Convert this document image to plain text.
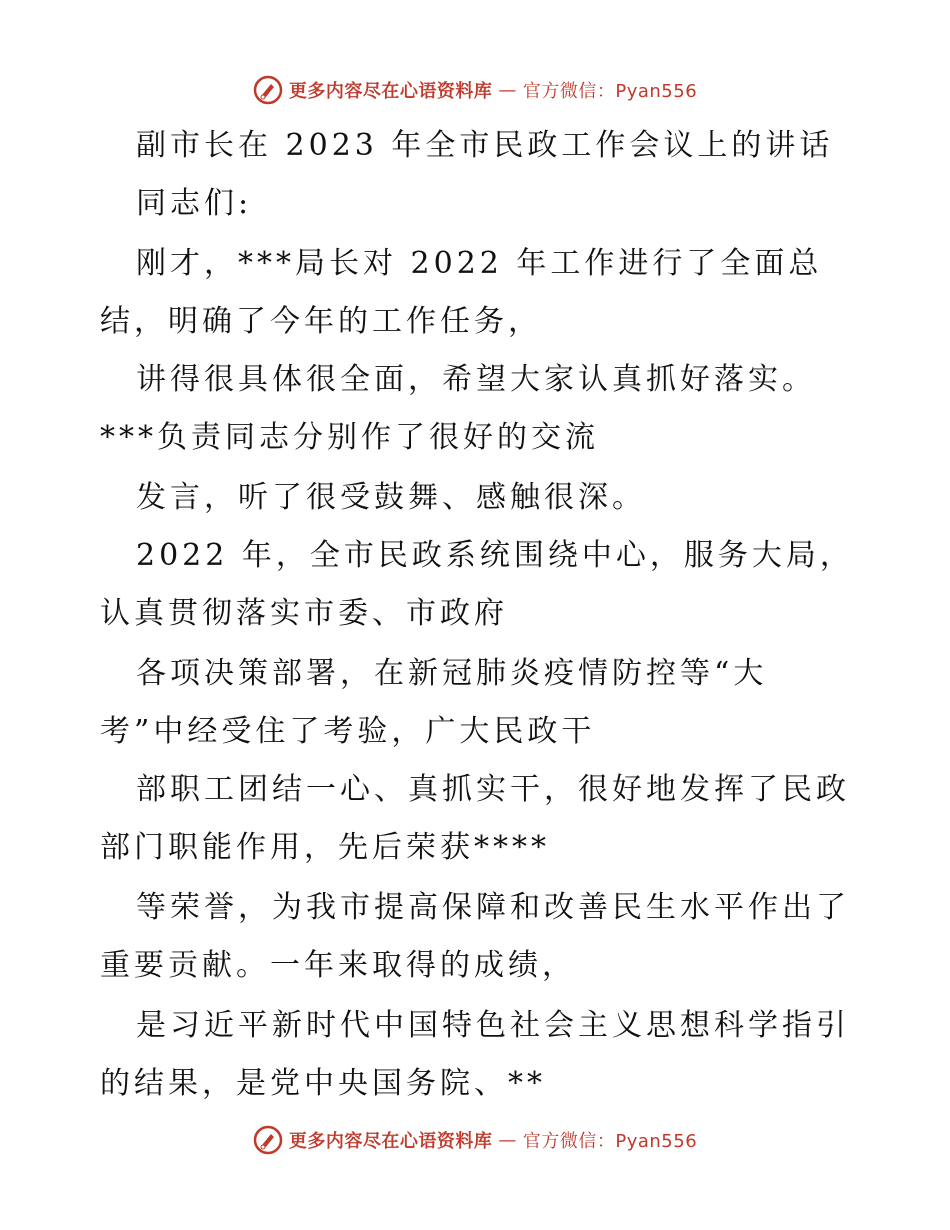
更多内容尽在心语资料库 — 官方微信：Pyan556
副市长在 2023 年全市民政工作会议上的讲话
同志们:
刚才，***局长对 2022 年工作进行了全面总
结，明确了今年的工作任务，
讲得很具体很全面，希望大家认真抓好落实。
***负责同志分别作了很好的交流
发言，听了很受鼓舞、感触很深。
2022 年，全市民政系统围绕中心，服务大局，
认真贯彻落实市委、市政府
各项决策部署，在新冠肺炎疫情防控等“大
考”中经受住了考验，广大民政干
部职工团结一心、真抓实干，很好地发挥了民政
部门职能作用，先后荣获****
等荣誉，为我市提高保障和改善民生水平作出了
重要贡献。一年来取得的成绩，
是习近平新时代中国特色社会主义思想科学指引
的结果，是党中央国务院、**
更多内容尽在心语资料库 — 官方微信：Pyan556
